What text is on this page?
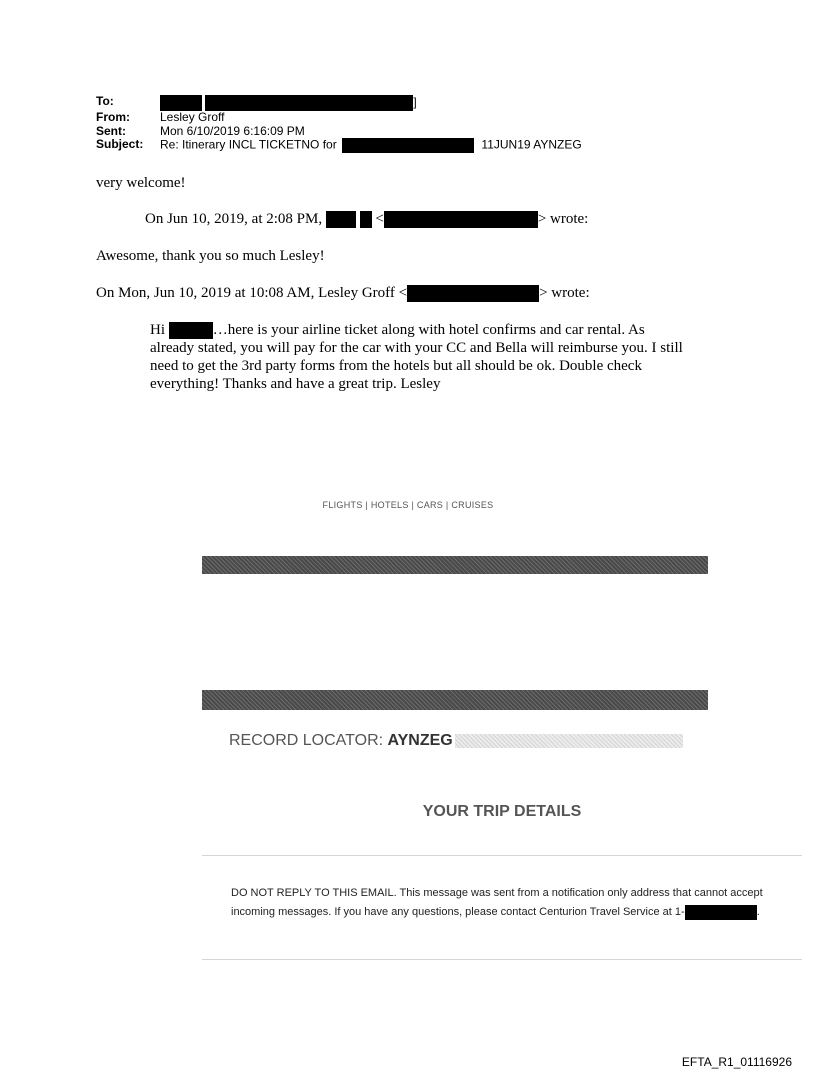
To:	]
From:	Lesley Groff
Sent:	Mon 6/10/2019 6:16:09 PM
Subject:	Re: Itinerary INCL TICKETNO for	11JUN19 AYNZEG
very welcome!
On Jun 10, 2019, at 2:08 PM,	<	> wrote:
Awesome, thank you so much Lesley!
On Mon, Jun 10, 2019 at 10:08 AM, Lesley Groff <	> wrote:
Hi	…here is your airline ticket along with hotel confirms and car rental. As already stated, you will pay for the car with your CC and Bella will reimburse you. I still need to get the 3rd party forms from the hotels but all should be ok. Double check everything! Thanks and have a great trip. Lesley
FLIGHTS | HOTELS | CARS | CRUISES
RECORD LOCATOR:
AYNZEG
YOUR TRIP DETAILS
DO NOT REPLY TO THIS EMAIL. This message was sent from a notification only address that cannot accept incoming messages. If you have any questions, please contact Centurion Travel Service at 1-	.
EFTA_R1_01116926
